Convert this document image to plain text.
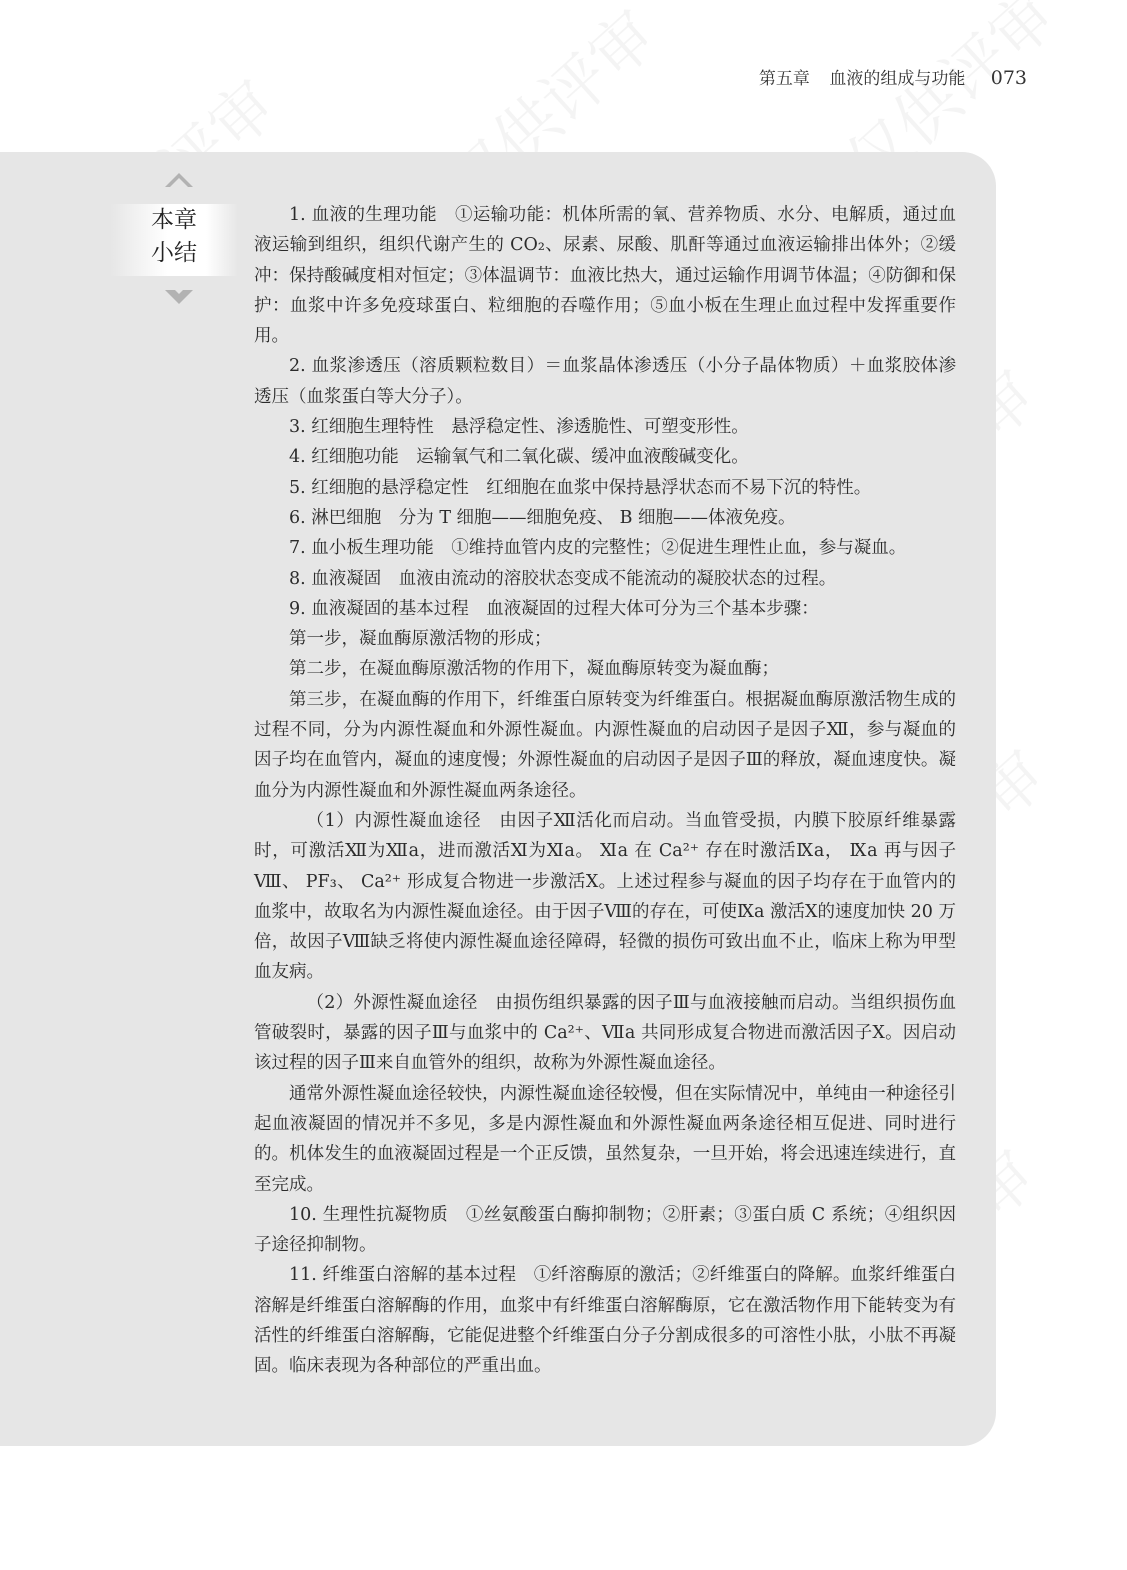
第五章 血液的组成与功能 073
本章
小结

1. 血液的生理功能　①运输功能：机体所需的氧、营养物质、水分、电解质，通过血液运输到组织，组织代谢产生的 CO₂、尿素、尿酸、肌酐等通过血液运输排出体外；②缓冲：保持酸碱度相对恒定；③体温调节：血液比热大，通过运输作用调节体温；④防御和保护：血浆中许多免疫球蛋白、粒细胞的吞噬作用；⑤血小板在生理止血过程中发挥重要作用。

2. 血浆渗透压（溶质颗粒数目）＝血浆晶体渗透压（小分子晶体物质）＋血浆胶体渗透压（血浆蛋白等大分子）。

3. 红细胞生理特性　悬浮稳定性、渗透脆性、可塑变形性。

4. 红细胞功能　运输氧气和二氧化碳、缓冲血液酸碱变化。

5. 红细胞的悬浮稳定性　红细胞在血浆中保持悬浮状态而不易下沉的特性。

6. 淋巴细胞　分为 T 细胞——细胞免疫、 B 细胞——体液免疫。

7. 血小板生理功能　①维持血管内皮的完整性；②促进生理性止血，参与凝血。

8. 血液凝固　血液由流动的溶胶状态变成不能流动的凝胶状态的过程。

9. 血液凝固的基本过程　血液凝固的过程大体可分为三个基本步骤：

第一步，凝血酶原激活物的形成；

第二步，在凝血酶原激活物的作用下，凝血酶原转变为凝血酶；

第三步，在凝血酶的作用下，纤维蛋白原转变为纤维蛋白。根据凝血酶原激活物生成的过程不同，分为内源性凝血和外源性凝血。内源性凝血的启动因子是因子Ⅻ，参与凝血的因子均在血管内，凝血的速度慢；外源性凝血的启动因子是因子Ⅲ的释放，凝血速度快。凝血分为内源性凝血和外源性凝血两条途径。

（1）内源性凝血途径　由因子Ⅻ活化而启动。当血管受损，内膜下胶原纤维暴露时，可激活Ⅻ为Ⅻa，进而激活Ⅺ为Ⅺa。 Ⅺa 在 Ca²⁺ 存在时激活Ⅸa， Ⅸa 再与因子Ⅷ、 PF₃、 Ca²⁺ 形成复合物进一步激活Ⅹ。上述过程参与凝血的因子均存在于血管内的血浆中，故取名为内源性凝血途径。由于因子Ⅷ的存在，可使Ⅸa 激活Ⅹ的速度加快 20 万倍，故因子Ⅷ缺乏将使内源性凝血途径障碍，轻微的损伤可致出血不止，临床上称为甲型血友病。

（2）外源性凝血途径　由损伤组织暴露的因子Ⅲ与血液接触而启动。当组织损伤血管破裂时，暴露的因子Ⅲ与血浆中的 Ca²⁺、Ⅶa 共同形成复合物进而激活因子Ⅹ。因启动该过程的因子Ⅲ来自血管外的组织，故称为外源性凝血途径。

通常外源性凝血途径较快，内源性凝血途径较慢，但在实际情况中，单纯由一种途径引起血液凝固的情况并不多见，多是内源性凝血和外源性凝血两条途径相互促进、同时进行的。机体发生的血液凝固过程是一个正反馈，虽然复杂，一旦开始，将会迅速连续进行，直至完成。

10. 生理性抗凝物质　①丝氨酸蛋白酶抑制物；②肝素；③蛋白质 C 系统；④组织因子途径抑制物。

11. 纤维蛋白溶解的基本过程　①纤溶酶原的激活；②纤维蛋白的降解。血浆纤维蛋白溶解是纤维蛋白溶解酶的作用，血浆中有纤维蛋白溶解酶原，它在激活物作用下能转变为有活性的纤维蛋白溶解酶，它能促进整个纤维蛋白分子分割成很多的可溶性小肽，小肽不再凝固。临床表现为各种部位的严重出血。
